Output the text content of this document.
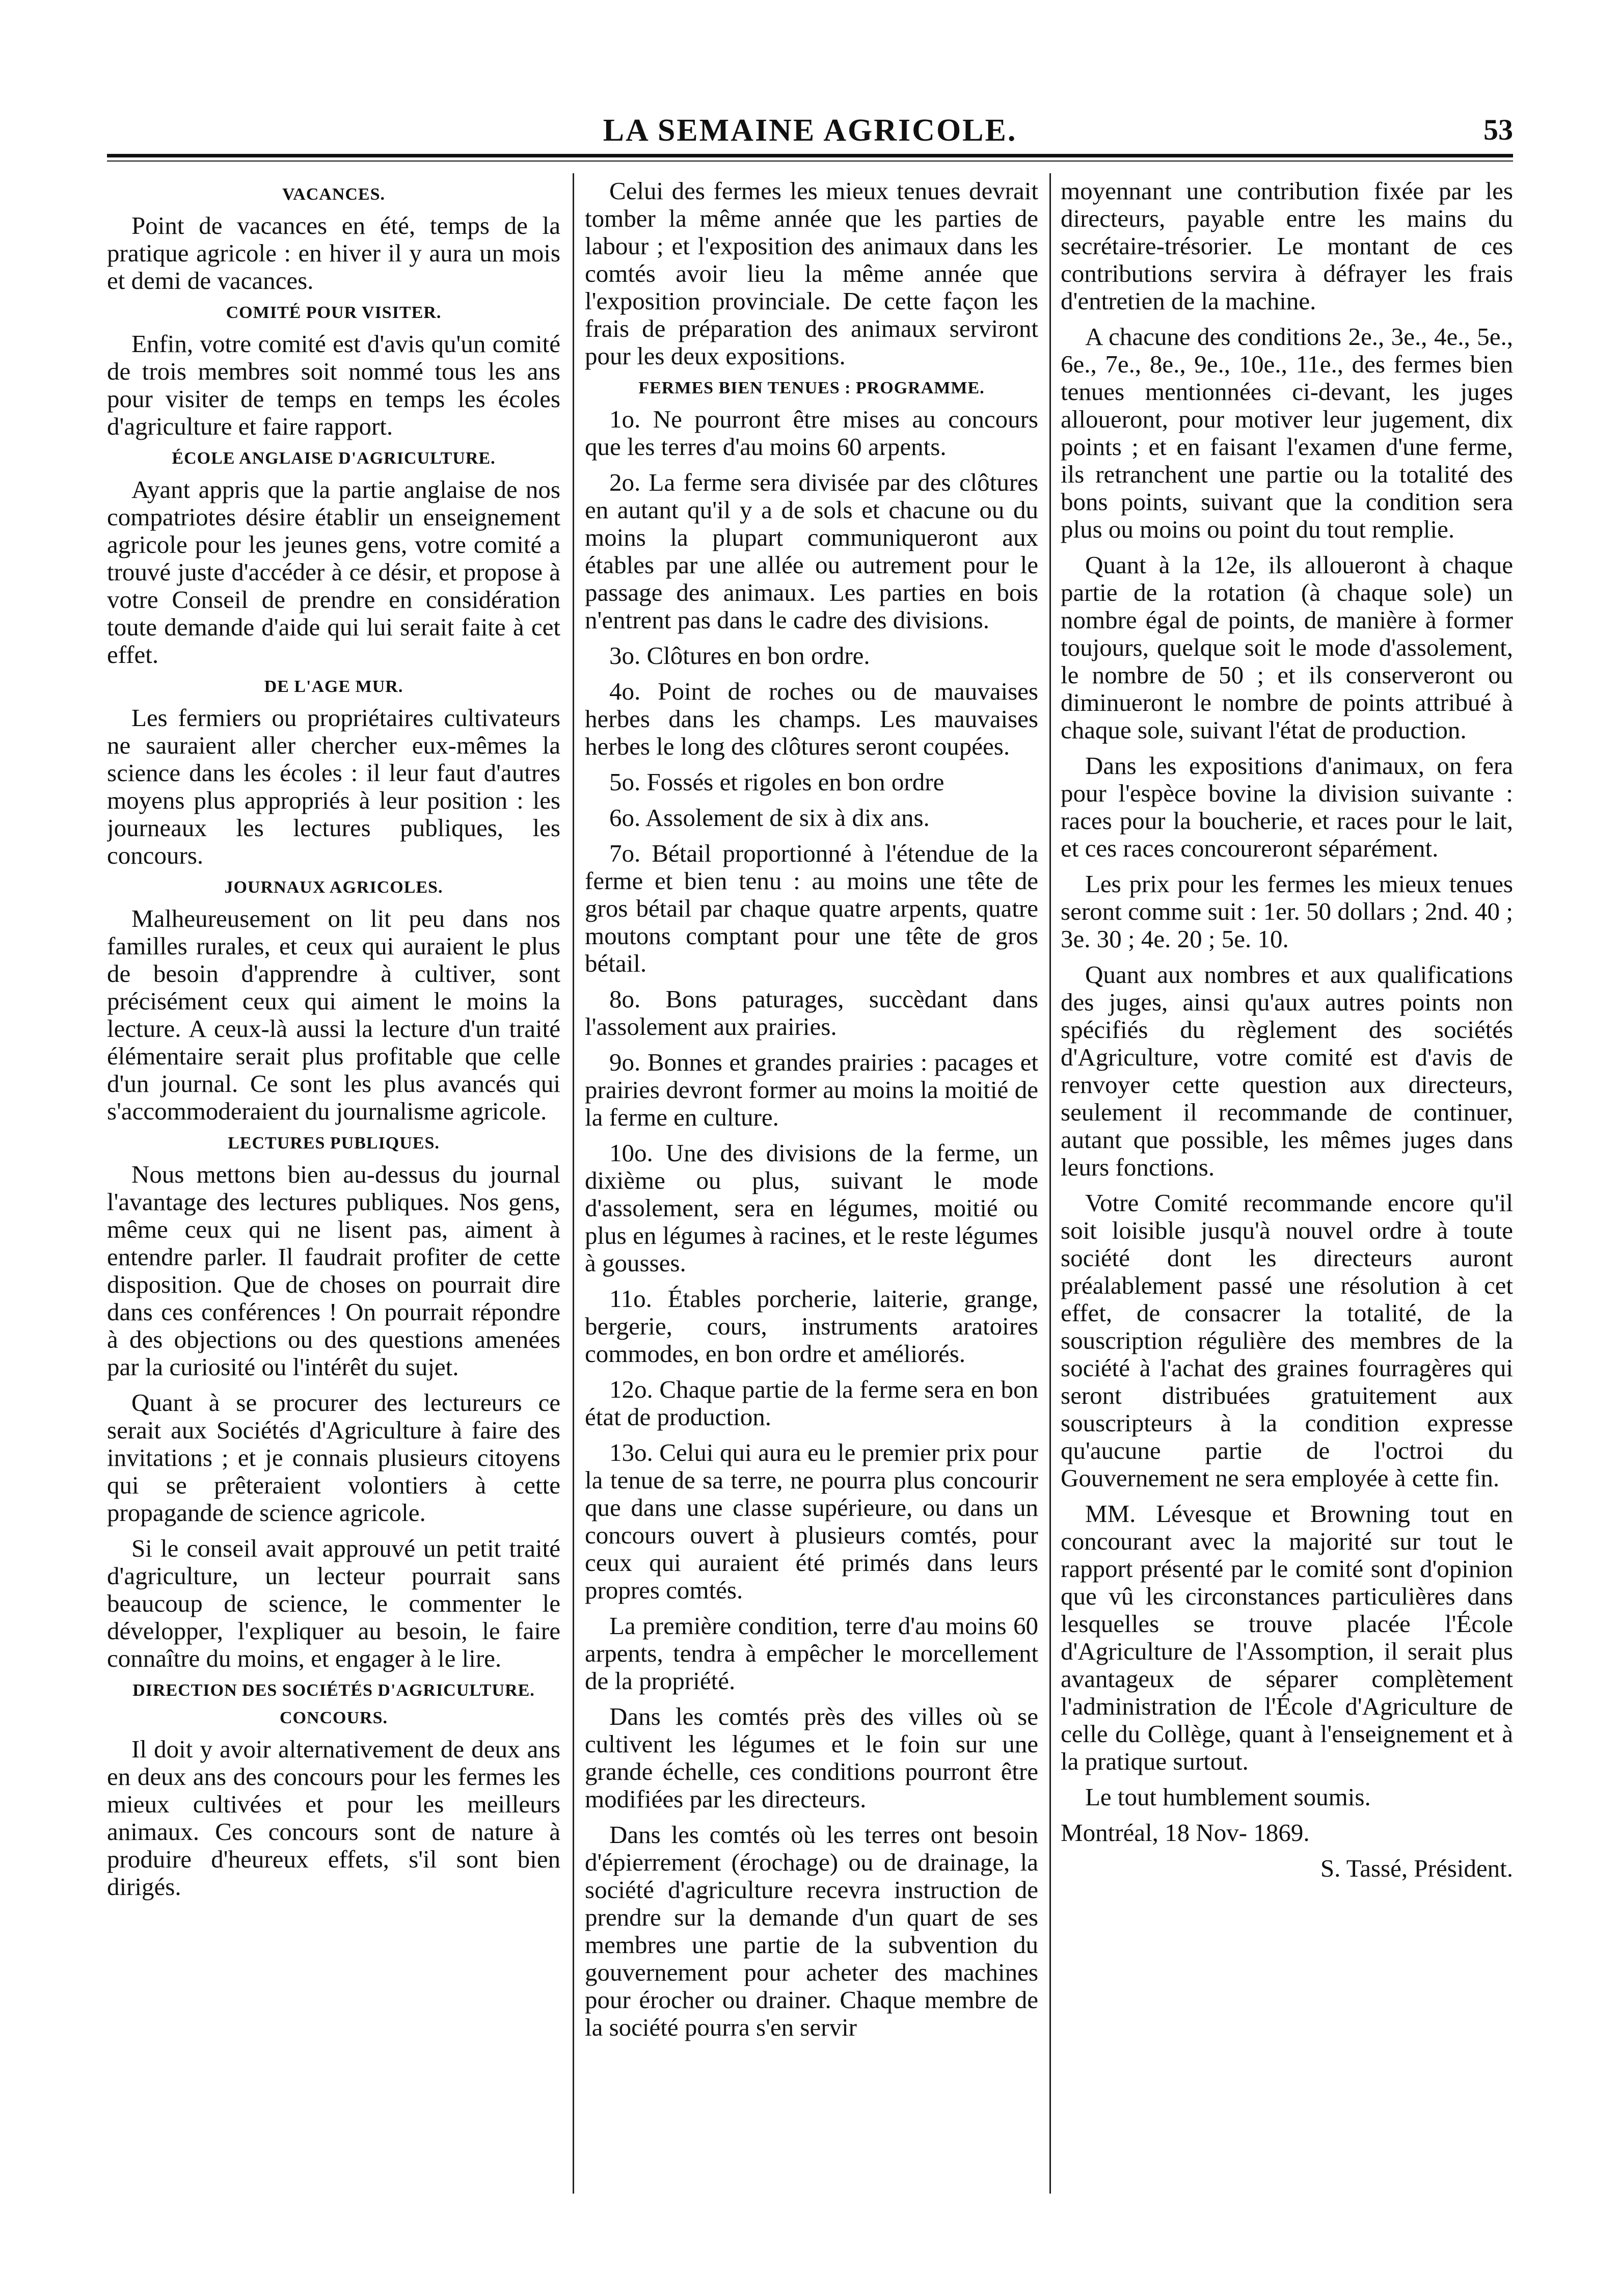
LA SEMAINE AGRICOLE.	53
VACANCES.

Point de vacances en été, temps de la pratique agricole : en hiver il y aura un mois et demi de vacances.

COMITÉ POUR VISITER.

Enfin, votre comité est d'avis qu'un comité de trois membres soit nommé tous les ans pour visiter de temps en temps les écoles d'agriculture et faire rapport.

ÉCOLE ANGLAISE D'AGRICULTURE.

Ayant appris que la partie anglaise de nos compatriotes désire établir un enseignement agricole pour les jeunes gens, votre comité a trouvé juste d'accéder à ce désir, et propose à votre Conseil de prendre en considération toute demande d'aide qui lui serait faite à cet effet.

DE L'AGE MUR.

Les fermiers ou propriétaires cultivateurs ne sauraient aller chercher eux-mêmes la science dans les écoles : il leur faut d'autres moyens plus appropriés à leur position : les journeaux les lectures publiques, les concours.

JOURNAUX AGRICOLES.

Malheureusement on lit peu dans nos familles rurales, et ceux qui auraient le plus de besoin d'apprendre à cultiver, sont précisément ceux qui aiment le moins la lecture. A ceux-là aussi la lecture d'un traité élémentaire serait plus profitable que celle d'un journal. Ce sont les plus avancés qui s'accommoderaient du journalisme agricole.

LECTURES PUBLIQUES.

Nous mettons bien au-dessus du journal l'avantage des lectures publiques. Nos gens, même ceux qui ne lisent pas, aiment à entendre parler. Il faudrait profiter de cette disposition. Que de choses on pourrait dire dans ces conférences ! On pourrait répondre à des objections ou des questions amenées par la curiosité ou l'intérêt du sujet.

Quant à se procurer des lectureurs ce serait aux Sociétés d'Agriculture à faire des invitations ; et je connais plusieurs citoyens qui se prêteraient volontiers à cette propagande de science agricole.

Si le conseil avait approuvé un petit traité d'agriculture, un lecteur pourrait sans beaucoup de science, le commenter le développer, l'expliquer au besoin, le faire connaître du moins, et engager à le lire.

DIRECTION DES SOCIÉTÉS D'AGRICULTURE.
CONCOURS.

Il doit y avoir alternativement de deux ans en deux ans des concours pour les fermes les mieux cultivées et pour les meilleurs animaux. Ces concours sont de nature à produire d'heureux effets, s'il sont bien dirigés.

Celui des fermes les mieux tenues devrait tomber la même année que les parties de labour ; et l'exposition des animaux dans les comtés avoir lieu la même année que l'exposition provinciale. De cette façon les frais de préparation des animaux serviront pour les deux expositions.

FERMES BIEN TENUES : PROGRAMME.

1o. Ne pourront être mises au concours que les terres d'au moins 60 arpents.

2o. La ferme sera divisée par des clôtures en autant qu'il y a de sols et chacune ou du moins la plupart communiqueront aux étables par une allée ou autrement pour le passage des animaux. Les parties en bois n'entrent pas dans le cadre des divisions.

3o. Clôtures en bon ordre.

4o. Point de roches ou de mauvaises herbes dans les champs. Les mauvaises herbes le long des clôtures seront coupées.

5o. Fossés et rigoles en bon ordre

6o. Assolement de six à dix ans.

7o. Bétail proportionné à l'étendue de la ferme et bien tenu : au moins une tête de gros bétail par chaque quatre arpents, quatre moutons comptant pour une tête de gros bétail.

8o. Bons paturages, succèdant dans l'assolement aux prairies.

9o. Bonnes et grandes prairies : pacages et prairies devront former au moins la moitié de la ferme en culture.

10o. Une des divisions de la ferme, un dixième ou plus, suivant le mode d'assolement, sera en légumes, moitié ou plus en légumes à racines, et le reste légumes à gousses.

11o. Étables porcherie, laiterie, grange, bergerie, cours, instruments aratoires commodes, en bon ordre et améliorés.

12o. Chaque partie de la ferme sera en bon état de production.

13o. Celui qui aura eu le premier prix pour la tenue de sa terre, ne pourra plus concourir que dans une classe supérieure, ou dans un concours ouvert à plusieurs comtés, pour ceux qui auraient été primés dans leurs propres comtés.

La première condition, terre d'au moins 60 arpents, tendra à empêcher le morcellement de la propriété.

Dans les comtés près des villes où se cultivent les légumes et le foin sur une grande échelle, ces conditions pourront être modifiées par les directeurs.

Dans les comtés où les terres ont besoin d'épierrement (érochage) ou de drainage, la société d'agriculture recevra instruction de prendre sur la demande d'un quart de ses membres une partie de la subvention du gouvernement pour acheter des machines pour érocher ou drainer. Chaque membre de la société pourra s'en servir

moyennant une contribution fixée par les directeurs, payable entre les mains du secrétaire-trésorier. Le montant de ces contributions servira à défrayer les frais d'entretien de la machine.

A chacune des conditions 2e., 3e., 4e., 5e., 6e., 7e., 8e., 9e., 10e., 11e., des fermes bien tenues mentionnées ci-devant, les juges alloueront, pour motiver leur jugement, dix points ; et en faisant l'examen d'une ferme, ils retranchent une partie ou la totalité des bons points, suivant que la condition sera plus ou moins ou point du tout remplie.

Quant à la 12e, ils alloueront à chaque partie de la rotation (à chaque sole) un nombre égal de points, de manière à former toujours, quelque soit le mode d'assolement, le nombre de 50 ; et ils conserveront ou diminueront le nombre de points attribué à chaque sole, suivant l'état de production.

Dans les expositions d'animaux, on fera pour l'espèce bovine la division suivante : races pour la boucherie, et races pour le lait, et ces races concoureront séparément.

Les prix pour les fermes les mieux tenues seront comme suit : 1er. 50 dollars ; 2nd. 40 ; 3e. 30 ; 4e. 20 ; 5e. 10.

Quant aux nombres et aux qualifications des juges, ainsi qu'aux autres points non spécifiés du règlement des sociétés d'Agriculture, votre comité est d'avis de renvoyer cette question aux directeurs, seulement il recommande de continuer, autant que possible, les mêmes juges dans leurs fonctions.

Votre Comité recommande encore qu'il soit loisible jusqu'à nouvel ordre à toute société dont les directeurs auront préalablement passé une résolution à cet effet, de consacrer la totalité, de la souscription régulière des membres de la société à l'achat des graines fourragères qui seront distribuées gratuitement aux souscripteurs à la condition expresse qu'aucune partie de l'octroi du Gouvernement ne sera employée à cette fin.

MM. Lévesque et Browning tout en concourant avec la majorité sur tout le rapport présenté par le comité sont d'opinion que vû les circonstances particulières dans lesquelles se trouve placée l'École d'Agriculture de l'Assomption, il serait plus avantageux de séparer complètement l'administration de l'École d'Agriculture de celle du Collège, quant à l'enseignement et à la pratique surtout.

Le tout humblement soumis.

Montréal, 18 Nov- 1869.

S. Tassé, Président.
